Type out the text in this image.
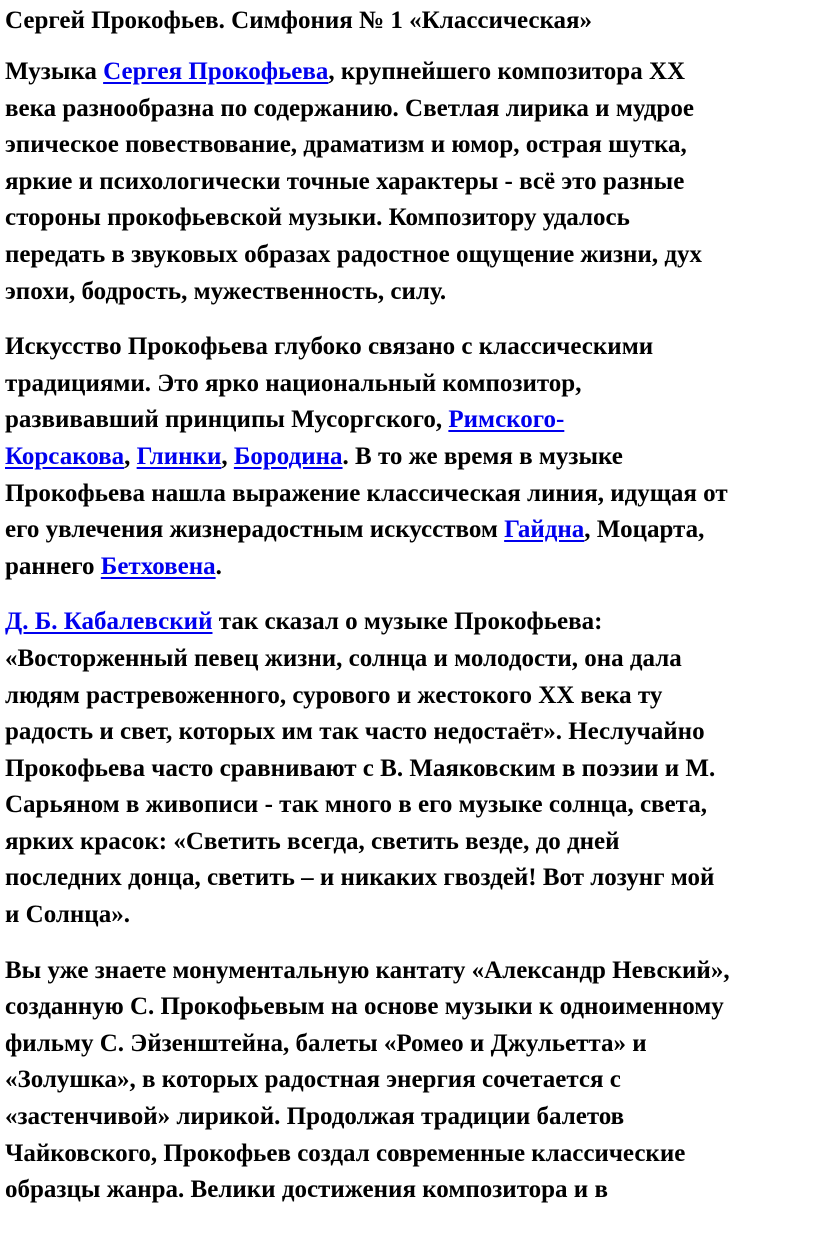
Сергей Прокофьев. Симфония № 1 «Классическая»

Музыка Сергея Прокофьева, крупнейшего композитора ХХ
века разнообразна по содержанию. Светлая лирика и мудрое
эпическое повествование, драматизм и юмор, острая шутка,
яркие и психологически точные характеры - всё это разные
стороны прокофьевской музыки. Композитору удалось
передать в звуковых образах радостное ощущение жизни, дух
эпохи, бодрость, мужественность, силу.

Искусство Прокофьева глубоко связано с классическими
традициями. Это ярко национальный композитор,
развивавший принципы Мусоргского, Римского-
Корсакова, Глинки, Бородина. В то же время в музыке
Прокофьева нашла выражение классическая линия, идущая от
его увлечения жизнерадостным искусством Гайдна, Моцарта,
раннего Бетховена.

Д. Б. Кабалевский так сказал о музыке Прокофьева:
«Восторженный певец жизни, солнца и молодости, она дала
людям растревоженного, сурового и жестокого ХХ века ту
радость и свет, которых им так часто недостаёт». Неслучайно
Прокофьева часто сравнивают с В. Маяковским в поэзии и М.
Сарьяном в живописи - так много в его музыке солнца, света,
ярких красок: «Светить всегда, светить везде, до дней
последних донца, светить – и никаких гвоздей! Вот лозунг мой
и Солнца».

Вы уже знаете монументальную кантату «Александр Невский»,
созданную С. Прокофьевым на основе музыки к одноименному
фильму С. Эйзенштейна, балеты «Ромео и Джульетта» и
«Золушка», в которых радостная энергия сочетается с
«застенчивой» лирикой. Продолжая традиции балетов
Чайковского, Прокофьев создал современные классические
образцы жанра. Велики достижения композитора и в
